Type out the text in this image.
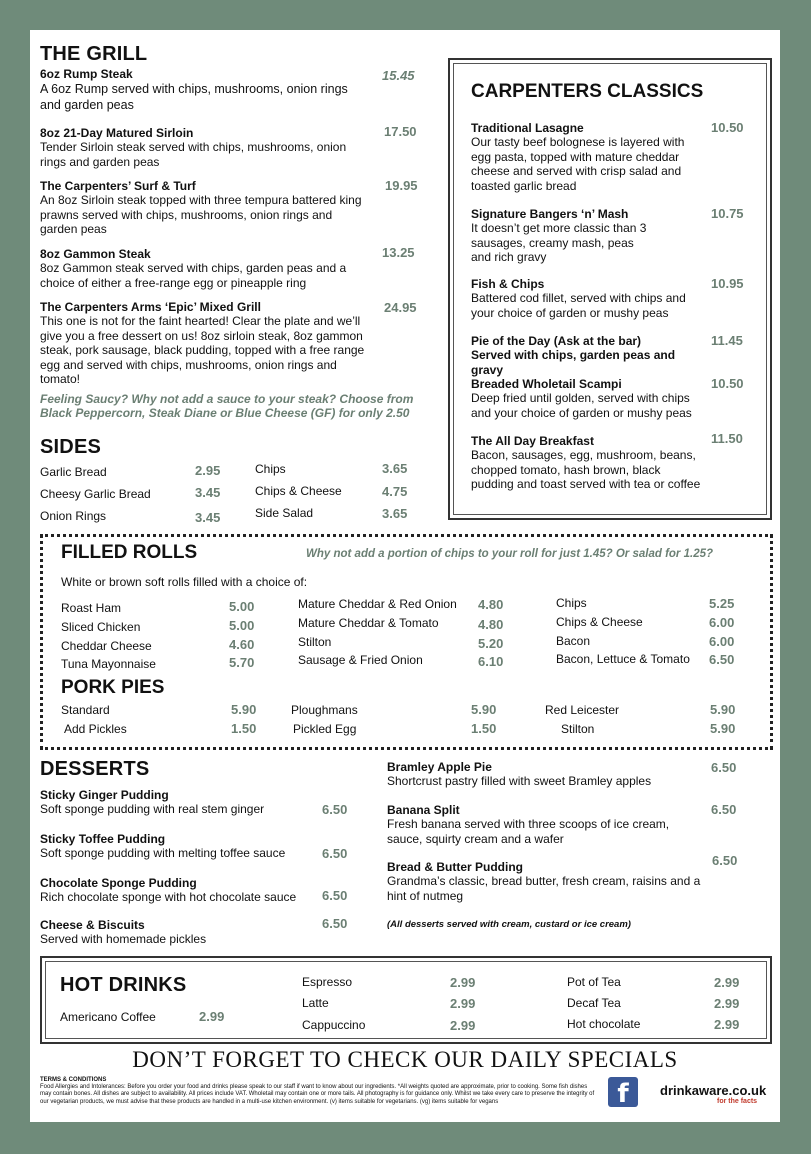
THE GRILL
6oz Rump Steak
A 6oz Rump served with chips, mushrooms, onion rings and garden peas
15.45
8oz 21-Day Matured Sirloin
Tender Sirloin steak served with chips, mushrooms, onion rings and garden peas
17.50
The Carpenters’ Surf & Turf
An 8oz Sirloin steak topped with three tempura battered king prawns served with chips, mushrooms, onion rings and garden peas
19.95
8oz Gammon Steak
8oz Gammon steak served with chips, garden peas and a choice of either a free-range egg or pineapple ring
13.25
The Carpenters Arms ‘Epic’ Mixed Grill
This one is not for the faint hearted! Clear the plate and we’ll give you a free dessert on us! 8oz sirloin steak, 8oz gammon steak, pork sausage, black pudding, topped with a free range egg and served with chips, mushrooms, onion rings and tomato!
24.95
Feeling Saucy? Why not add a sauce to your steak? Choose from Black Peppercorn, Steak Diane or Blue Cheese (GF) for only 2.50
SIDES
Garlic Bread	2.95
Cheesy Garlic Bread	3.45
Onion Rings	3.45
Chips	3.65
Chips & Cheese	4.75
Side Salad	3.65
CARPENTERS CLASSICS
Traditional Lasagne
Our tasty beef bolognese is layered with egg pasta, topped with mature cheddar cheese and served with crisp salad and toasted garlic bread
10.50
Signature Bangers ‘n’ Mash
It doesn’t get more classic than 3 sausages, creamy mash, peas and rich gravy
10.75
Fish & Chips
Battered cod fillet, served with chips and your choice of garden or mushy peas
10.95
Pie of the Day (Ask at the bar)
Served with chips, garden peas and gravy
11.45
Breaded Wholetail Scampi
Deep fried until golden, served with chips and your choice of garden or mushy peas
10.50
The All Day Breakfast
Bacon, sausages, egg, mushroom, beans, chopped tomato, hash brown, black pudding and toast served with tea or coffee
11.50
FILLED ROLLS	Why not add a portion of chips to your roll for just 1.45? Or salad for 1.25?
White or brown soft rolls filled with a choice of:
Roast Ham	5.00
Sliced Chicken	5.00
Cheddar Cheese	4.60
Tuna Mayonnaise	5.70
Mature Cheddar & Red Onion 4.80
Mature Cheddar & Tomato	4.80
Stilton	5.20
Sausage & Fried Onion	6.10
Chips	5.25
Chips & Cheese	6.00
Bacon	6.00
Bacon, Lettuce & Tomato 6.50
PORK PIES
Standard	5.90
Add Pickles	1.50
Ploughmans	5.90
Pickled Egg	1.50
Red Leicester	5.90
Stilton	5.90
DESSERTS
Sticky Ginger Pudding
Soft sponge pudding with real stem ginger	6.50
Sticky Toffee Pudding
Soft sponge pudding with melting toffee sauce	6.50
Chocolate Sponge Pudding
Rich chocolate sponge with hot chocolate sauce	6.50
Cheese & Biscuits
Served with homemade pickles
6.50
Bramley Apple Pie
Shortcrust pastry filled with sweet Bramley apples
6.50
Banana Split
Fresh banana served with three scoops of ice cream, sauce, squirty cream and a wafer
6.50
Bread & Butter Pudding
Grandma’s classic, bread butter, fresh cream, raisins and a hint of nutmeg
6.50
(All desserts served with cream, custard or ice cream)
HOT DRINKS
Americano Coffee	2.99
Espresso	2.99
Latte	2.99
Cappuccino	2.99
Pot of Tea	2.99
Decaf Tea	2.99
Hot chocolate	2.99
DON’T FORGET TO CHECK OUR DAILY SPECIALS
TERMS & CONDITIONS
Food Allergies and Intolerances: Before you order your food and drinks please speak to our staff if want to know about our ingredients. *All weights quoted are approximate, prior to cooking. Some fish dishes may contain bones. All dishes are subject to availability. All prices include VAT. Wholetail may contain one or more tails. All photography is for guidance only. Whilst we take every care to preserve the integrity of our vegetarian products, we must advise that these products are handled in a multi-use kitchen environment. (v) items suitable for vegetarians. (vg) items suitable for vegans	f	drinkaware.co.uk
for the facts
